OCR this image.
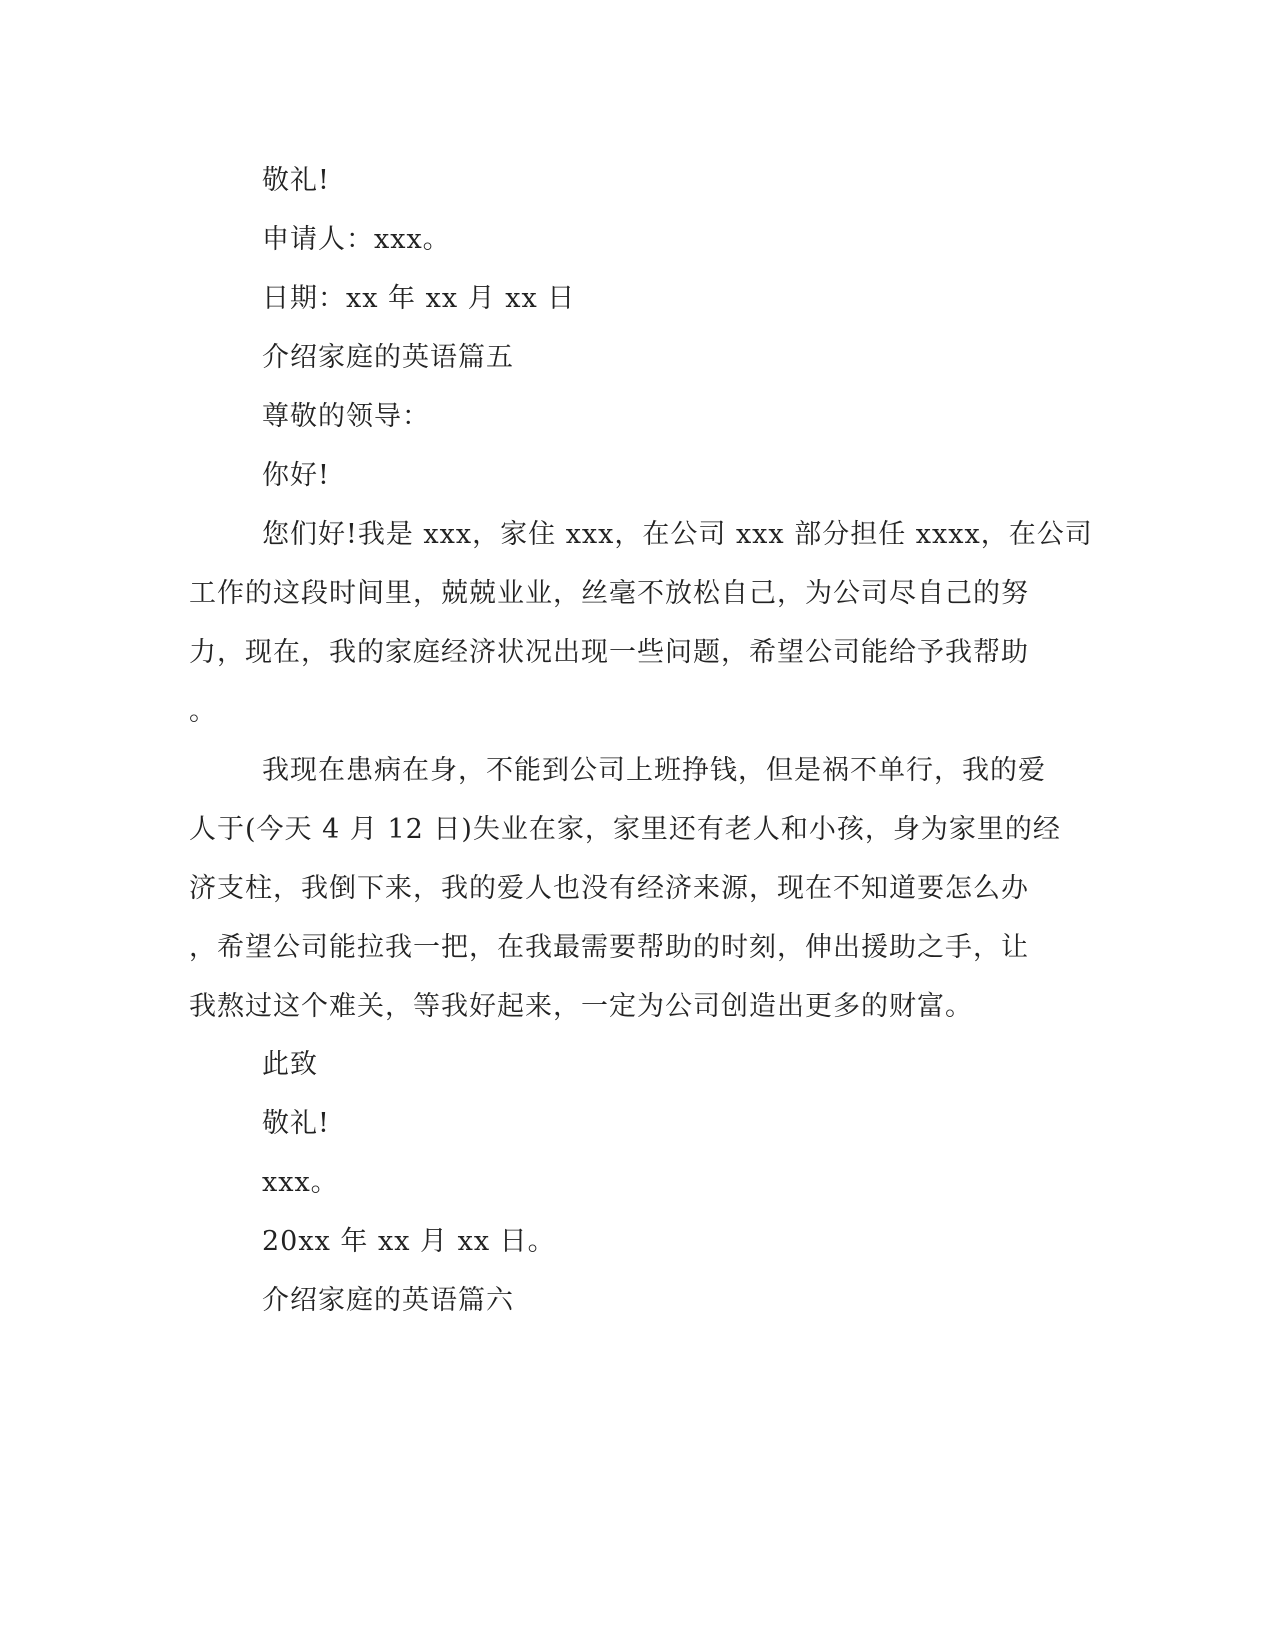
敬礼!
申请人：xxx。
日期：xx 年 xx 月 xx 日
介绍家庭的英语篇五
尊敬的领导：
你好!
您们好!我是 xxx，家住 xxx，在公司 xxx 部分担任 xxxx，在公司
工作的这段时间里，兢兢业业，丝毫不放松自己，为公司尽自己的努
力，现在，我的家庭经济状况出现一些问题，希望公司能给予我帮助
。
我现在患病在身，不能到公司上班挣钱，但是祸不单行，我的爱
人于(今天 4 月 12 日)失业在家，家里还有老人和小孩，身为家里的经
济支柱，我倒下来，我的爱人也没有经济来源，现在不知道要怎么办
，希望公司能拉我一把，在我最需要帮助的时刻，伸出援助之手，让
我熬过这个难关，等我好起来，一定为公司创造出更多的财富。
此致
敬礼!
xxx。
20xx 年 xx 月 xx 日。
介绍家庭的英语篇六
